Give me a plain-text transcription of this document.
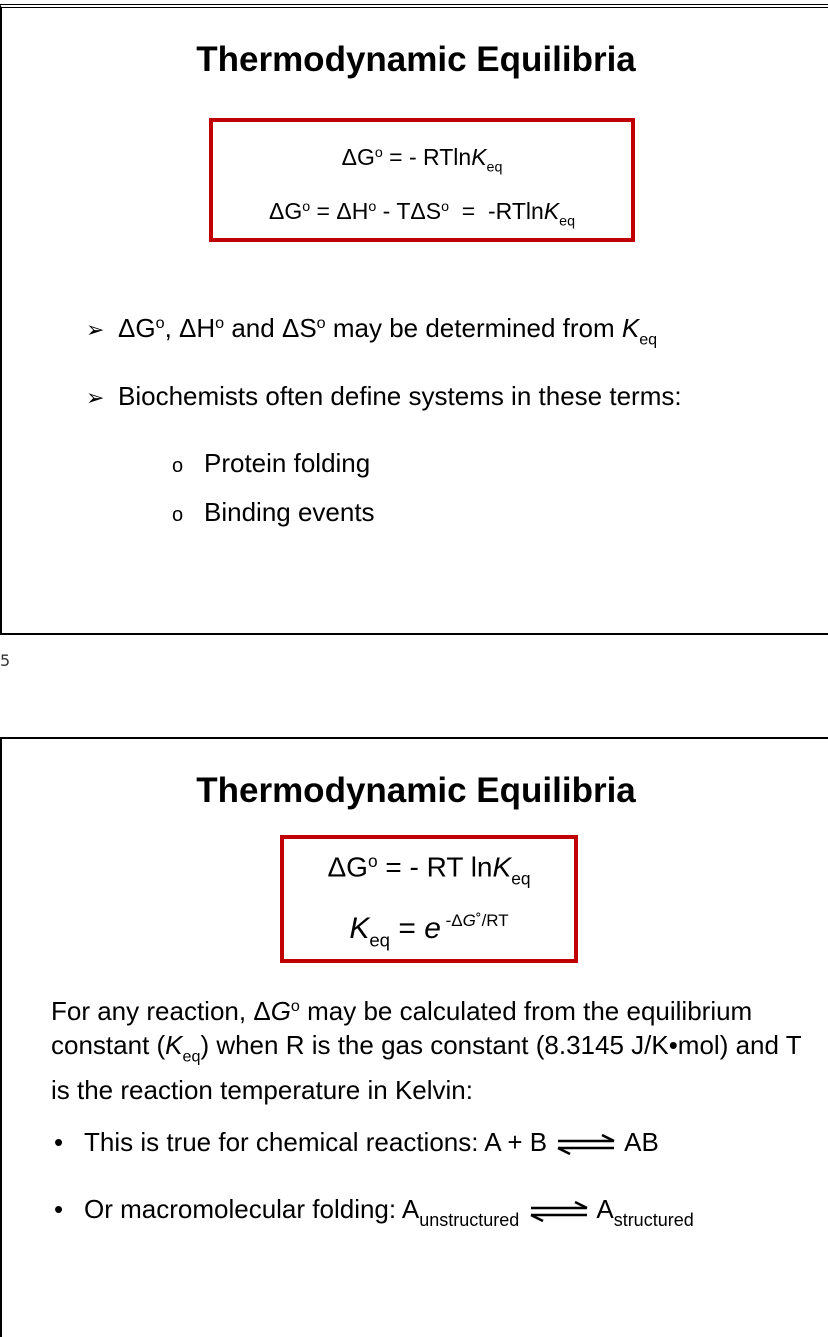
Thermodynamic Equilibria
$\Delta G^o$ = - RTlnK$_{eq}$
$\Delta G^o = \Delta H^o - T\Delta S^o = -RTlnK_{eq}$
➢ $\Delta G^o$, $\Delta H^o$ and $\Delta S^o$ may be determined from $K_{eq}$
➢ Biochemists often define systems in these terms:
o Protein folding
o Binding events
5
Thermodynamic Equilibria
$\Delta G^o$ = - RT lnK$_{eq}$
$K_{eq} = e$ $^{-\Delta G˚/RT}$
For any reaction, $\Delta G^o$ may be calculated from the equilibrium constant $(K_{eq})$ when R is the gas constant (8.3145 J/K•mol) and T is the reaction temperature in Kelvin:
• This is true for chemical reactions: A + B ⇌ AB
• Or macromolecular folding: $A_{unstructured}$ ⇌ $A_{structured}$
